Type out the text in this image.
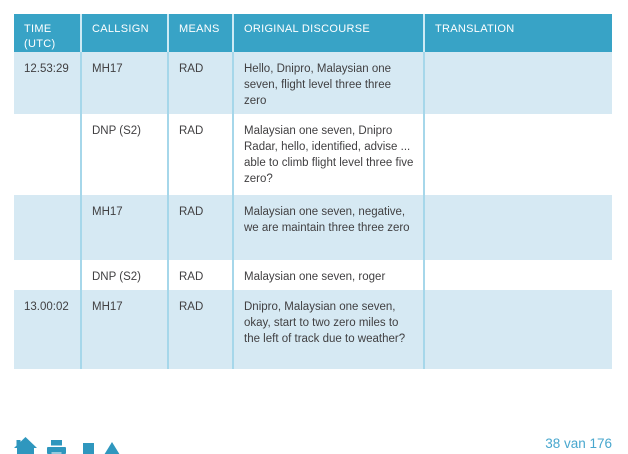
TIME (UTC)	CALLSIGN	MEANS	ORIGINAL DISCOURSE	TRANSLATION
12.53:29	MH17	RAD	Hello, Dnipro, Malaysian one seven, flight level three three zero	
	DNP (S2)	RAD	Malaysian one seven, Dnipro Radar, hello, identified, advise ... able to climb flight level three five zero?	
	MH17	RAD	Malaysian one seven, negative, we are maintain three three zero	
	DNP (S2)	RAD	Malaysian one seven, roger	
13.00:02	MH17	RAD	Dnipro, Malaysian one seven, okay, start to two zero miles to the left of track due to weather?	
38 van 176
